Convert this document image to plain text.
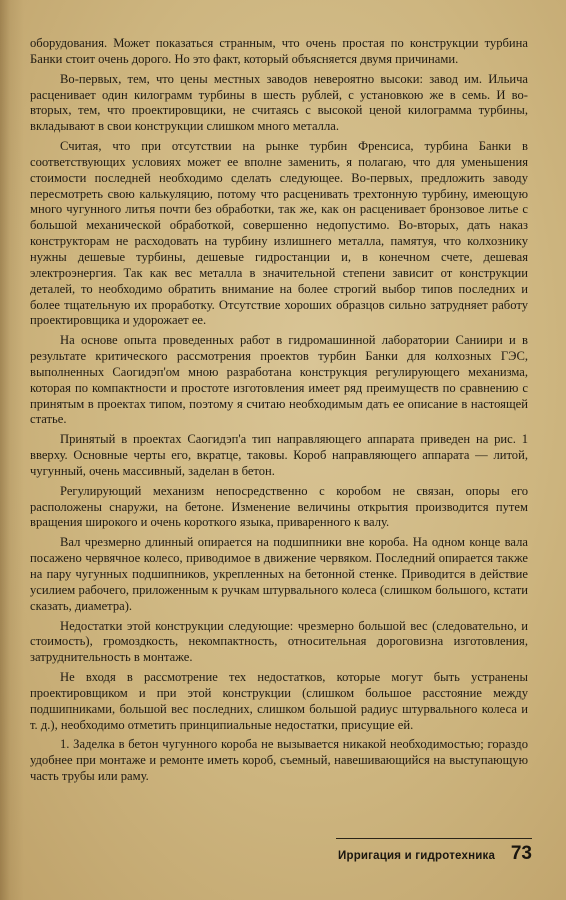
оборудования. Может показаться странным, что очень простая по конструкции турбина Банки стоит очень дорого. Но это факт, который объясняется двумя причинами.

Во-первых, тем, что цены местных заводов невероятно высоки: завод им. Ильича расценивает один килограмм турбины в шесть рублей, с установкою же в семь. И во-вторых, тем, что проектировщики, не считаясь с высокой ценой килограмма турбины, вкладывают в свои конструкции слишком много металла.

Считая, что при отсутствии на рынке турбин Френсиса, турбина Банки в соответствующих условиях может ее вполне заменить, я полагаю, что для уменьшения стоимости последней необходимо сделать следующее. Во-первых, предложить заводу пересмотреть свою калькуляцию, потому что расценивать трехтонную турбину, имеющую много чугунного литья почти без обработки, так же, как он расценивает бронзовое литье с большой механической обработкой, совершенно недопустимо. Во-вторых, дать наказ конструкторам не расходовать на турбину излишнего металла, памятуя, что колхознику нужны дешевые турбины, дешевые гидростанции и, в конечном счете, дешевая электроэнергия. Так как вес металла в значительной степени зависит от конструкции деталей, то необходимо обратить внимание на более строгий выбор типов последних и более тщательную их проработку. Отсутствие хороших образцов сильно затрудняет работу проектировщика и удорожает ее.

На основе опыта проведенных работ в гидромашинной лаборатории Саниири и в результате критического рассмотрения проектов турбин Банки для колхозных ГЭС, выполненных Саогидэп'ом мною разработана конструкция регулирующего механизма, которая по компактности и простоте изготовления имеет ряд преимуществ по сравнению с принятым в проектах типом, поэтому я считаю необходимым дать ее описание в настоящей статье.

Принятый в проектах Саогидэп'а тип направляющего аппарата приведен на рис. 1 вверху. Основные черты его, вкратце, таковы. Короб направляющего аппарата — литой, чугунный, очень массивный, заделан в бетон.

Регулирующий механизм непосредственно с коробом не связан, опоры его расположены снаружи, на бетоне. Изменение величины открытия производится путем вращения широкого и очень короткого языка, приваренного к валу.

Вал чрезмерно длинный опирается на подшипники вне короба. На одном конце вала посажено червячное колесо, приводимое в движение червяком. Последний опирается также на пару чугунных подшипников, укрепленных на бетонной стенке. Приводится в действие усилием рабочего, приложенным к ручкам штурвального колеса (слишком большого, кстати сказать, диаметра).

Недостатки этой конструкции следующие: чрезмерно большой вес (следовательно, и стоимость), громоздкость, некомпактность, относительная дороговизна изготовления, затруднительность в монтаже.

Не входя в рассмотрение тех недостатков, которые могут быть устранены проектировщиком и при этой конструкции (слишком большое расстояние между подшипниками, большой вес последних, слишком большой радиус штурвального колеса и т. д.), необходимо отметить принципиальные недостатки, присущие ей.

1. Заделка в бетон чугунного короба не вызывается никакой необходимостью; гораздо удобнее при монтаже и ремонте иметь короб, съемный, навешивающийся на выступающую часть трубы или раму.

Ирригация и гидротехника 73
